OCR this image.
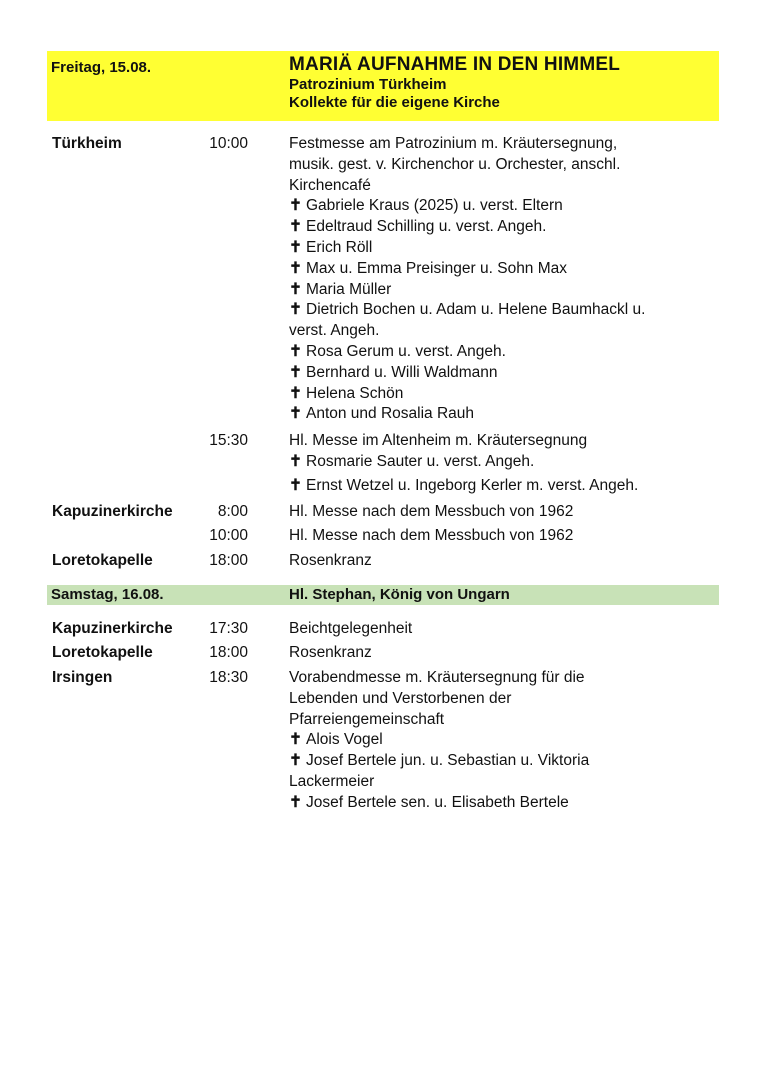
Freitag, 15.08.	MARIÄ AUFNAHME IN DEN HIMMEL
Patrozinium Türkheim
Kollekte für die eigene Kirche
Türkheim	10:00	Festmesse am Patrozinium m. Kräutersegnung,
musik. gest. v. Kirchenchor u. Orchester, anschl.
Kirchencafé
✝ Gabriele Kraus (2025) u. verst. Eltern
✝ Edeltraud Schilling u. verst. Angeh.
✝ Erich Röll
✝ Max u. Emma Preisinger u. Sohn Max
✝ Maria Müller
✝ Dietrich Bochen u. Adam u. Helene Baumhackl u.
verst. Angeh.
✝ Rosa Gerum u. verst. Angeh.
✝ Bernhard u. Willi Waldmann
✝ Helena Schön
✝ Anton und Rosalia Rauh
15:30	Hl. Messe im Altenheim m. Kräutersegnung
✝ Rosmarie Sauter u. verst. Angeh.
✝ Ernst Wetzel u. Ingeborg Kerler m. verst. Angeh.
Kapuzinerkirche	8:00	Hl. Messe nach dem Messbuch von 1962
10:00	Hl. Messe nach dem Messbuch von 1962
Loretokapelle	18:00	Rosenkranz
Samstag, 16.08.	Hl. Stephan, König von Ungarn
Kapuzinerkirche	17:30	Beichtgelegenheit
Loretokapelle	18:00	Rosenkranz
Irsingen	18:30	Vorabendmesse m. Kräutersegnung für die
Lebenden und Verstorbenen der
Pfarreiengemeinschaft
✝ Alois Vogel
✝ Josef Bertele jun. u. Sebastian u. Viktoria
Lackermeier
✝ Josef Bertele sen. u. Elisabeth Bertele
